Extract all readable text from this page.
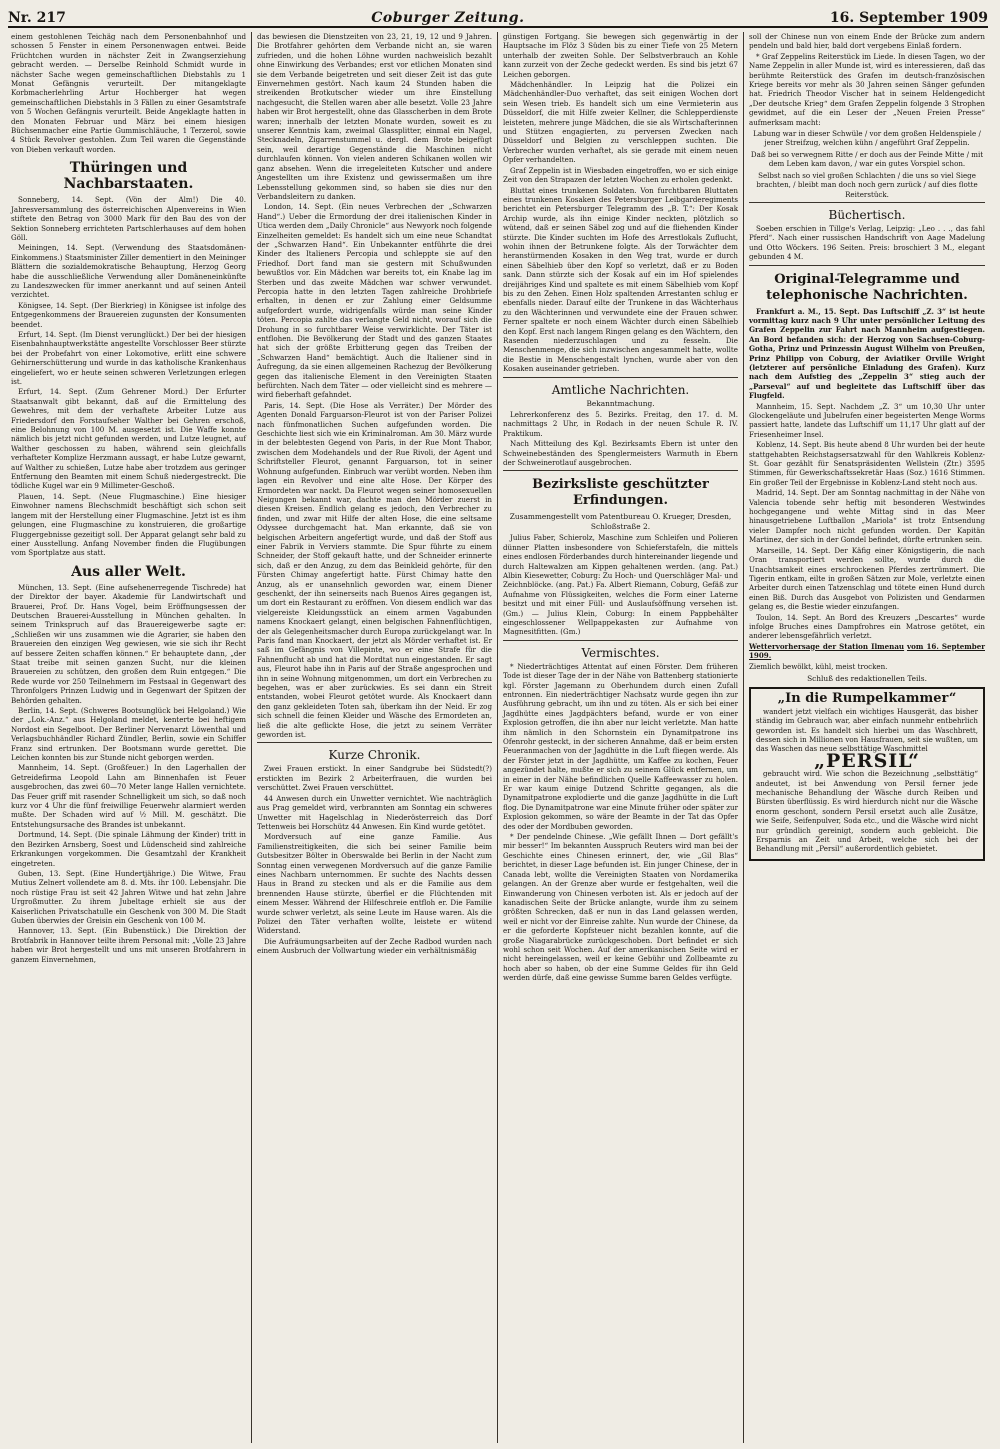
Nr. 217	Coburger Zeitung.	16. September 1909

einem gestohlenen Teichäg nach dem Personenbahnhof und schossen 5 Fenster in einem Personenwagen entwei. Beide Früchtchen wurden in nächster Zeit in Zwangserziehung gebracht werden. — Derselbe Reinhold Schmidt wurde in nächster Sache wegen gemeinschaftlichen Diebstahls zu 1 Monat Gefängnis verurteilt. Der mitangeklagte Korbmacherlehrling Artur Hochberger hat wegen gemeinschaftlichen Diebstahls in 3 Fällen zu einer Gesamtstrafe von 5 Wochen Gefängnis verurteilt. Beide Angeklagte hatten in den Monaten Februar und März bei einem hiesigen Büchsenmacher eine Partie Gummischläuche, 1 Terzerol, sowie 4 Stück Revolver gestohlen. Zum Teil waren die Gegenstände von Dieben verkauft worden.

Thüringen und Nachbarstaaten.

Sonneberg, 14. Sept. (Vön der Alm!) Die 40. Jahresversammlung des österreichischen Alpenvereins in Wien stiftete den Betrag von 3000 Mark für den Bau des von der Sektion Sonneberg errichteten Partschlerhauses auf dem hohen Göll.

Meiningen, 14. Sept. (Verwendung des Staatsdomänen-Einkommens.) Staatsminister Ziller dementiert in den Meininger Blättern die sozialdemokratische Behauptung, Herzog Georg habe die ausschließliche Verwendung aller Domäneneinkünfte zu Landeszwecken für immer anerkannt und auf seinen Anteil verzichtet.

Königsee, 14. Sept. (Der Bierkrieg) in Königsee ist infolge des Entgegenkommens der Brauereien zugunsten der Konsumenten beendet.

Erfurt, 14. Sept. (Im Dienst verunglückt.) Der bei der hiesigen Eisenbahnhauptwerkstätte angestellte Vorschlosser Beer stürzte bei der Probefahrt von einer Lokomotive, erlitt eine schwere Gehirnerschütterung und wurde in das katholische Krankenhaus eingeliefert, wo er heute seinen schweren Verletzungen erlegen ist.

Erfurt, 14. Sept. (Zum Gehrener Mord.) Der Erfurter Staatsanwalt gibt bekannt, daß auf die Ermittelung des Gewehres, mit dem der verhaftete Arbeiter Lutze aus Friedersdorf den Forstaufseher Walther bei Gehren erschoß, eine Belohnung von 100 M. ausgesetzt ist. Die Waffe konnte nämlich bis jetzt nicht gefunden werden, und Lutze leugnet, auf Walther geschossen zu haben, während sein gleichfalls verhafteter Komplize Herzmann aussagt, er habe Lutze gewarnt, auf Walther zu schießen, Lutze habe aber trotzdem aus geringer Entfernung den Beamten mit einem Schuß niedergestreckt. Die tödliche Kugel war ein 9 Millimeter-Geschoß.

Plauen, 14. Sept. (Neue Flugmaschine.) Eine hiesiger Einwohner namens Blechschmidt beschäftigt sich schon seit langem mit der Herstellung einer Flugmaschine. Jetzt ist es ihm gelungen, eine Flugmaschine zu konstruieren, die großartige Fluggergebnisse gezeitigt soll. Der Apparat gelangt sehr bald zu einer Ausstellung. Anfang November finden die Flugübungen vom Sportplatze aus statt.

Aus aller Welt.

München, 13. Sept. (Eine aufsehenerregende Tischrede) hat der Direktor der bayer. Akademie für Landwirtschaft und Brauerei, Prof. Dr. Hans Vogel, beim Eröffnungsessen der Deutschen Brauerei-Ausstellung in München gehalten. In seinem Trinkspruch auf das Brauereigewerbe sagte er: „Schließen wir uns zusammen wie die Agrarier, sie haben den Brauereien den einzigen Weg gewiesen, wie sie sich ihr Recht auf bessere Zeiten schaffen können.“ Er behauptete dann, „der Staat treibe mit seinen ganzen Sucht, nur die kleinen Brauereien zu schützen, den großen dem Ruin entgegen.“ Die Rede wurde vor 250 Teilnehmern im Festsaal in Gegenwart des Thronfolgers Prinzen Ludwig und in Gegenwart der Spitzen der Behörden gehalten.

Berlin, 14. Sept. (Schweres Bootsunglück bei Helgoland.) Wie der „Lok.-Anz.“ aus Helgoland meldet, kenterte bei heftigem Nordost ein Segelboot. Der Berliner Nervenarzt Löwenthal und Verlagsbuchhändler Richard Zündler, Berlin, sowie ein Schiffer Franz sind ertrunken. Der Bootsmann wurde gerettet. Die Leichen konnten bis zur Stunde nicht geborgen werden.

Mannheim, 14. Sept. (Großfeuer.) In den Lagerhallen der Getreidefirma Leopold Lahn am Binnenhafen ist Feuer ausgebrochen, das zwei 60—70 Meter lange Hallen vernichtete. Das Feuer griff mit rasender Schnelligkeit um sich, so daß noch kurz vor 4 Uhr die fünf freiwillige Feuerwehr alarmiert werden mußte. Der Schaden wird auf ½ Mill. M. geschätzt. Die Entstehungsursache des Brandes ist unbekannt.

Dortmund, 14. Sept. (Die spinale Lähmung der Kinder) tritt in den Bezirken Arnsberg, Soest und Lüdenscheid sind zahlreiche Erkrankungen vorgekommen. Die Gesamtzahl der Krankheit eingetreten.

Guben, 13. Sept. (Eine Hundertjährige.) Die Witwe, Frau Mutius Zelnert vollendete am 8. d. Mts. ihr 100. Lebensjahr. Die noch rüstige Frau ist seit 42 Jahren Witwe und hat zehn Jahre Urgroßmutter. Zu ihrem Jubeltage erhielt sie aus der Kaiserlichen Privatschatulle ein Geschenk von 300 M. Die Stadt Guben überwies der Greisin ein Geschenk von 100 M.

Hannover, 13. Sept. (Ein Bubenstück.) Die Direktion der Brotfabrik in Hannover teilte ihrem Personal mit: „Volle 23 Jahre haben wir Brot hergestellt und uns mit unseren Brotfahrern in ganzem Einvernehmen,

das bewiesen die Dienstzeiten von 23, 21, 19, 12 und 9 Jahren. Die Brotfahrer gehörten dem Verbande nicht an, sie waren zufrieden, und die hohen Löhne wurden nachweislich bezahlt ohne Einwirkung des Verbandes; erst vor etlichen Monaten sind sie dem Verbande beigetreten und seit dieser Zeit ist das gute Einvernehmen gestört. Nach kaum 24 Stunden haben die streikenden Brotkutscher wieder um ihre Einstellung nachgesucht, die Stellen waren aber alle besetzt. Volle 23 Jahre haben wir Brot hergestellt, ohne das Glasscherben in dem Brote waren; innerhalb der letzten Monate wurden, soweit es zu unserer Kenntnis kam, zweimal Glassplitter, einmal ein Nagel, Stecknadeln, Zigarrenstummel u. dergl. dem Brote beigefügt sein, weil derartige Gegenstände die Maschinen nicht durchlaufen können. Von vielen anderen Schikanen wollen wir ganz absehen. Wenn die irregeleiteten Kutscher und andere Angestellten um ihre Existenz und gewissermaßen um ihre Lebensstellung gekommen sind, so haben sie dies nur den Verbandsleitern zu danken.

London, 14. Sept. (Ein neues Verbrechen der „Schwarzen Hand“.) Ueber die Ermordung der drei italienischen Kinder in Utica werden dem „Daily Chronicle“ aus Newyork noch folgende Einzelheiten gemeldet: Es handelt sich um eine neue Schandtat der „Schwarzen Hand“. Ein Unbekannter entführte die drei Kinder des Italieners Percopia und schleppte sie auf den Friedhof. Dort fand man sie gestern mit Schußwunden bewußtlos vor. Ein Mädchen war bereits tot, ein Knabe lag im Sterben und das zweite Mädchen war schwer verwundet. Percopia hatte in den letzten Tagen zahlreiche Drohbriefe erhalten, in denen er zur Zahlung einer Geldsumme aufgefordert wurde, widrigenfalls würde man seine Kinder töten. Percopia zahlte das verlangte Geld nicht, worauf sich die Drohung in so furchtbarer Weise verwirklichte. Der Täter ist entflohen. Die Bevölkerung der Stadt und des ganzen Staates hat sich der größte Erbitterung gegen das Treiben der „Schwarzen Hand“ bemächtigt. Auch die Italiener sind in Aufregung, da sie einen allgemeinen Rachezug der Bevölkerung gegen das italienische Element in den Vereinigten Staaten befürchten. Nach dem Täter — oder vielleicht sind es mehrere — wird fieberhaft gefahndet.

Paris, 14. Sept. (Die Hose als Verräter.) Der Mörder des Agenten Donald Farguarson-Fleurot ist von der Pariser Polizei nach fünfmonatlichen Suchen aufgefunden worden. Die Geschichte liest sich wie ein Kriminalroman. Am 30. März wurde in der belebtesten Gegend von Paris, in der Rue Mont Thabor, zwischen dem Modehandels und der Rue Rivoli, der Agent und Schriftsteller Fleurot, genannt Farguarson, tot in seiner Wohnung aufgefunden. Einbruch war verübt worden. Neben ihm lagen ein Revolver und eine alte Hose. Der Körper des Ermordeten war nackt. Da Fleurot wegen seiner homosexuellen Neigungen bekannt war, dachte man den Mörder zuerst in diesen Kreisen. Endlich gelang es jedoch, den Verbrecher zu finden, und zwar mit Hilfe der alten Hose, die eine seltsame Odyssee durchgemacht hat. Man erkannte, daß sie von belgischen Arbeitern angefertigt wurde, und daß der Stoff aus einer Fabrik in Verviers stammte. Die Spur führte zu einem Schneider, der Stoff gekauft hatte, und der Schneider erinnerte sich, daß er den Anzug, zu dem das Beinkleid gehörte, für den Fürsten Chimay angefertigt hatte. Fürst Chimay hatte den Anzug, als er unansehnlich geworden war, einem Diener geschenkt, der ihn seinerseits nach Buenos Aires gegangen ist, um dort ein Restaurant zu eröffnen. Von diesem endlich war das vielgereiste Kleidungsstück an einem armen Vagabunden namens Knockaert gelangt, einen belgischen Fahnenflüchtigen, der als Gelegenheitsmacher durch Europa zurückgelangt war. In Paris fand man Knockaert, der jetzt als Mörder verhaftet ist. Er saß im Gefängnis von Villepinte, wo er eine Strafe für die Fahnenflucht ab und hat die Mordtat nun eingestanden. Er sagt aus, Fleurot habe ihn in Paris auf der Straße angesprochen und ihn in seine Wohnung mitgenommen, um dort ein Verbrechen zu begehen, was er aber zurückwies. Es sei dann ein Streit entstanden, wobei Fleurot getötet wurde. Als Knockaert dann den ganz gekleideten Toten sah, überkam ihn der Neid. Er zog sich schnell die feinen Kleider und Wäsche des Ermordeten an, ließ die alte geflickte Hose, die jetzt zu seinem Verräter geworden ist.

Kurze Chronik.

Zwei Frauen erstickt. In einer Sandgrube bei Südstedt(?) erstickten im Bezirk 2 Arbeiterfrauen, die wurden bei verschüttet. Zwei Frauen verschüttet.

44 Anwesen durch ein Unwetter vernichtet. Wie nachträglich aus Prag gemeldet wird, verbrannten am Sonntag ein schweres Unwetter mit Hagelschlag in Niederösterreich das Dorf Tettenweis bei Horschütz 44 Anwesen. Ein Kind wurde getötet.

Mordversuch auf eine ganze Familie. Aus Familienstreitigkeiten, die sich bei seiner Familie beim Gutsbesitzer Bölter in Oberswalde bei Berlin in der Nacht zum Sonntag einen verwegenen Mordversuch auf die ganze Familie eines Nachbarn unternommen. Er suchte des Nachts dessen Haus in Brand zu stecken und als er die Familie aus dem brennenden Hause stürzte, überfiel er die Flüchtenden mit einem Messer. Während der Hilfeschreie entfloh er. Die Familie wurde schwer verletzt, als seine Leute im Hause waren. Als die Polizei den Täter verhaften wollte, leistete er wütend Widerstand.

Die Aufräumungsarbeiten auf der Zeche Radbod wurden nach einem Ausbruch der Vollwartung wieder ein verhältnismäßig

günstigen Fortgang. Sie bewegen sich gegenwärtig in der Hauptsache im Flöz 3 Süden bis zu einer Tiefe von 25 Metern unterhalb der zweiten Sohle. Der Selbstverbrauch an Kohle kann zurzeit von der Zeche gedeckt werden. Es sind bis jetzt 67 Leichen geborgen.

Mädchenhändler. In Leipzig hat die Polizei ein Mädchenhändler-Duo verhaftet, das seit einigen Wochen dort sein Wesen trieb. Es handelt sich um eine Vermieterin aus Düsseldorf, die mit Hilfe zweier Kellner, die Schlepperdienste leisteten, mehrere junge Mädchen, die sie als Wirtschafterinnen und Stützen engagierten, zu perversen Zwecken nach Düsseldorf und Belgien zu verschleppen suchten. Die Verbrecher wurden verhaftet, als sie gerade mit einem neuen Opfer verhandelten.

Graf Zeppelin ist in Wiesbaden eingetroffen, wo er sich einige Zeit von den Strapazen der letzten Wochen zu erholen gedenkt.

Bluttat eines trunkenen Soldaten. Von furchtbaren Bluttaten eines trunkenen Kosaken des Petersburger Leibgarderegiments berichtet ein Petersburger Telegramm des „B. T.“: Der Kosak Archip wurde, als ihn einige Kinder neckten, plötzlich so wütend, daß er seinen Säbel zog und auf die fliehenden Kinder stürzte. Die Kinder suchten im Hofe des Arrestlokals Zuflucht, wohin ihnen der Betrunkene folgte. Als der Torwächter dem heranstürmenden Kosaken in den Weg trat, wurde er durch einen Säbelhieb über den Kopf so verletzt, daß er zu Boden sank. Dann stürzte sich der Kosak auf ein im Hof spielendes dreijähriges Kind und spaltete es mit einem Säbelhieb vom Kopf bis zu den Zehen. Einen Holz spaltenden Arrestanten schlug er ebenfalls nieder. Darauf eilte der Trunkene in das Wächterhaus zu den Wächterinnen und verwundete eine der Frauen schwer. Ferner spaltete er noch einem Wächter durch einen Säbelhieb den Kopf. Erst nach langem Ringen gelang es den Wächtern, den Rasenden niederzuschlagen und zu fesseln. Die Menschenmenge, die sich inzwischen angesammelt hatte, wollte die Bestie in Menschengestalt lynchen, wurde aber von den Kosaken auseinander getrieben.

Amtliche Nachrichten.
Bekanntmachung.

Lehrerkonferenz des 5. Bezirks. Freitag, den 17. d. M. nachmittags 2 Uhr, in Rodach in der neuen Schule R. IV. Praktikum.

Nach Mitteilung des Kgl. Bezirksamts Ebern ist unter den Schweinebeständen des Spenglermeisters Warmuth in Ebern der Schweinerotlauf ausgebrochen.

Bezirksliste geschützter Erfindungen.
Zusammengestellt vom Patentbureau O. Krueger, Dresden, Schloßstraße 2.

Julius Faber, Schierolz, Maschine zum Schleifen und Polieren dünner Platten insbesondere von Schieferstafeln, die mittels eines endlosen Förderbandes durch hintereinander liegende und durch Haltewalzen am Kippen gehaltenen werden. (ang. Pat.) Albin Kiesewetter, Coburg: Zu Hoch- und Querschläger Mal- und Zeichnblöcke. (ang. Pat.) Fa. Albert Riemann, Coburg, Gefäß zur Aufnahme von Flüssigkeiten, welches die Form einer Laterne besitzt und mit einer Füll- und Auslaufsöffnung versehen ist. (Gm.) — Julius Klein, Coburg: In einem Pappbehälter eingeschlossener Wellpappekasten zur Aufnahme von Magnesitfitten. (Gm.)

Vermischtes.

* Niederträchtiges Attentat auf einen Förster. Dem früheren Tode ist dieser Tage der in der Nähe von Battenberg stationierte kgl. Förster Jagemann zu Oberhundem durch einen Zufall entronnen. Ein niederträchtiger Nachsatz wurde gegen ihn zur Ausführung gebracht, um ihn und zu töten. Als er sich bei einer Jagdhütte eines Jagdpächters befand, wurde er von einer Explosion getroffen, die ihn aber nur leicht verletzte. Man hatte ihm nämlich in den Schornstein ein Dynamitpatrone ins Ofenrohr gesteckt, in der sicheren Annahme, daß er beim ersten Feueranmachen von der Jagdhütte in die Luft fliegen werde. Als der Förster jetzt in der Jagdhütte, um Kaffee zu kochen, Feuer angezündet halte, mußte er sich zu seinem Glück entfernen, um in einer in der Nähe befindlichen Quelle Kaffeewasser zu holen. Er war kaum einige Dutzend Schritte gegangen, als die Dynamitpatrone explodierte und die ganze Jagdhütte in die Luft flog. Die Dynamitpatrone war eine Minute früher oder später zur Explosion gekommen, so wäre der Beamte in der Tat das Opfer des oder der Mordbuben geworden.

* Der pendelnde Chinese. „Wie gefällt Ihnen — Dort gefällt's mir besser!“ Im bekannten Ausspruch Reuters wird man bei der Geschichte eines Chinesen erinnert, der, wie „Gil Blas“ berichtet, in dieser Lage befunden ist. Ein junger Chinese, der in Canada lebt, wollte die Vereinigten Staaten von Nordamerika gelangen. An der Grenze aber wurde er festgehalten, weil die Einwanderung von Chinesen verboten ist. Als er jedoch auf der kanadischen Seite der Brücke anlangte, wurde ihm zu seinem größten Schrecken, daß er nun in das Land gelassen werden, weil er nicht vor der Einreise zahlte. Nun wurde der Chinese, da er die geforderte Kopfsteuer nicht bezahlen konnte, auf die große Niagarabrücke zurückgeschoben. Dort befindet er sich wohl schon seit Wochen. Auf der amerikanischen Seite wird er nicht hereingelassen, weil er keine Gebühr und Zollbeamte zu hoch aber so haben, ob der eine Summe Geldes für ihn Geld werden dürfe, daß eine gewisse Summe baren Geldes verfügte.

soll der Chinese nun von einem Ende der Brücke zum andern pendeln und bald hier, bald dort vergebens Einlaß fordern.

* Graf Zeppelins Reiterstück im Liede. In diesen Tagen, wo der Name Zeppelin in aller Munde ist, wird es interessieren, daß das berühmte Reiterstück des Grafen im deutsch-französischen Kriege bereits vor mehr als 30 Jahren seinen Sänger gefunden hat. Friedrich Theodor Vischer hat in seinem Heldengedicht „Der deutsche Krieg“ dem Grafen Zeppelin folgende 3 Strophen gewidmet, auf die ein Leser der „Neuen Freien Presse“ aufmerksam macht:

Labung war in dieser Schwüle / vor dem großen Heldenspiele / jener Streifzug, welchen kühn / angeführt Graf Zeppelin.
Daß bei so verwegnem Ritte / er doch aus der Feinde Mitte / mit dem Leben kam davon, / war ein gutes Vorspiel schon.
Selbst nach so viel großen Schlachten / die uns so viel Siege brachten, / bleibt man doch noch gern zurück / auf dies flotte Reiterstück.
Büchertisch.

Soeben erschien in Tillge's Verlag, Leipzig: „Leo . . ., das fahl Pferd“. Nach einer russischen Handschrift von Aage Madelung und Otto Wöckers. 196 Seiten. Preis: broschiert 3 M., elegant gebunden 4 M.

Original-Telegramme und telephonische Nachrichten.

Frankfurt a. M., 15. Sept. Das Luftschiff „Z. 3“ ist heute vormittag kurz nach 9 Uhr unter persönlicher Leitung des Grafen Zeppelin zur Fahrt nach Mannheim aufgestiegen. An Bord befanden sich: der Herzog von Sachsen-Coburg-Gotha, Prinz und Prinzessin August Wilhelm von Preußen, Prinz Philipp von Coburg, der Aviatiker Orville Wright (letzterer auf persönliche Einladung des Grafen). Kurz nach dem Aufstieg des „Zeppelin 3“ stieg auch der „Parseval“ auf und begleitete das Luftschiff über das Flugfeld.

Mannheim, 15. Sept. Nachdem „Z. 3“ um 10,30 Uhr unter Glockengeläute und Jubelrufen einer begeisterten Menge Worms passiert hatte, landete das Luftschiff um 11,17 Uhr glatt auf der Friesenheimer Insel.

Koblenz, 14. Sept. Bis heute abend 8 Uhr wurden bei der heute stattgehabten Reichstagsersatzwahl für den Wahlkreis Koblenz-St. Goar gezählt für Senatspräsidenten Wellstein (Ztr.) 3595 Stimmen, für Gewerkschaftssekretär Haas (Soz.) 1616 Stimmen. Ein großer Teil der Ergebnisse in Koblenz-Land steht noch aus.

Madrid, 14. Sept. Der am Sonntag nachmittag in der Nähe von Valencia tobende sehr heftig mit besonderen Westwindes hochgegangene und wehte Mittag sind in das Meer hinausgetriebene Luftballon „Mariola“ ist trotz Entsendung vieler Dampfer noch nicht gefunden worden. Der Kapitän Martinez, der sich in der Gondel befindet, dürfte ertrunken sein.

Marseille, 14. Sept. Der Käfig einer Königstigerin, die nach Oran transportiert werden sollte, wurde durch die Unachtsamkeit eines erschrockenen Pferdes zertrümmert. Die Tigerin entkam, eilte in großen Sätzen zur Mole, verletzte einen Arbeiter durch einen Tatzenschlag und tötete einen Hund durch einen Biß. Durch das Ausgebot von Polizisten und Gendarmen gelang es, die Bestie wieder einzufangen.

Toulon, 14. Sept. An Bord des Kreuzers „Descartes“ wurde infolge Bruches eines Dampfrohres ein Matrose getötet, ein anderer lebensgefährlich verletzt.

Wettervorhersage der Station Ilmenau vom 16. September 1909.

Ziemlich bewölkt, kühl, meist trocken.

Schluß des redaktionellen Teils.
„In die Rumpelkammer“

wandert jetzt vielfach ein wichtiges Hausgerät, das bisher ständig im Gebrauch war, aber einfach nunmehr entbehrlich geworden ist. Es handelt sich hierbei um das Waschbrett, dessen sich in Millionen von Hausfrauen, seit sie wußten, um das Waschen das neue selbsttätige Waschmittel

„PERSIL“

gebraucht wird. Wie schon die Bezeichnung „selbsttätig“ andeutet, ist bei Anwendung von Persil ferner jede mechanische Behandlung der Wäsche durch Reiben und Bürsten überflüssig. Es wird hierdurch nicht nur die Wäsche enorm geschont, sondern Persil ersetzt auch alle Zusätze, wie Seife, Seifenpulver, Soda etc., und die Wäsche wird nicht nur gründlich gereinigt, sondern auch gebleicht. Die Ersparnis an Zeit und Arbeit, welche sich bei der Behandlung mit „Persil“ außerordentlich gebietet.
